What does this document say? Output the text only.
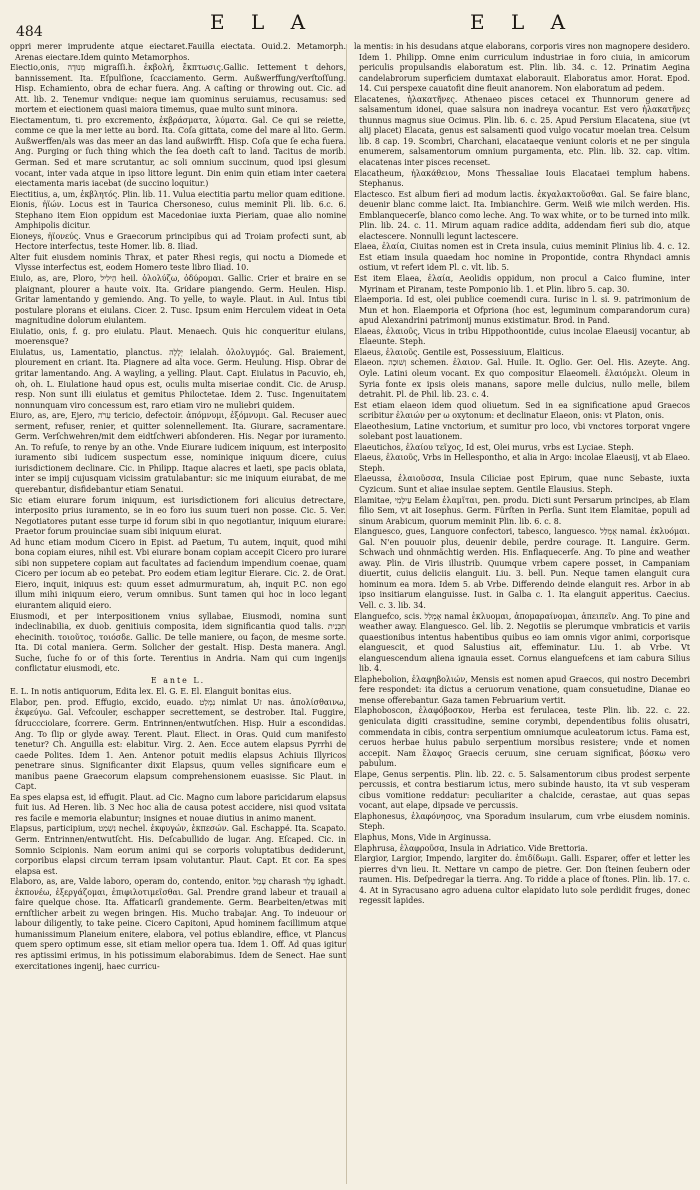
484	E L A	E L A

oppri merer imprudente atque eiectaret.Fauilla eiectata. Ouid.2. Metamorph. Arenas eiectare.Idem quinto Metamorphos.

Eiectio,onis, מְנוּדָה migraſſi.h. ἐκβολή, ἔκπτωσις.Gallic. Iettement t dehors, bannissement. Ita. Eſpulſione, ſcacciamento. Germ. Außwerffung/verſtoſſung. Hisp. Echamiento, obra de echar fuera. Ang. A caſting or throwing out. Cic. ad Att. lib. 2. Tenemur vndique: neque iam quominus seruiamus, recusamus: sed mortem et eiectionem quasi maiora timemus, quae multo sunt minora.

Eiectamentum, ti. pro excremento, ἐκβράσματα, λύματα. Gal. Ce qui se reiette, comme ce que la mer iette au bord. Ita. Coſa gittata, come del mare al lito. Germ. Außwerffen/als was das meer an das land außwirfft. Hisp. Coſa que ſe echa fuera. Ang. Purging or ſuch thing which the ſea doeth caſt to land. Tacitus de morib. German. Sed et mare scrutantur, ac soli omnium succinum, quod ipsi glesum vocant, inter vada atque in ipso littore legunt. Din enim quin etiam inter caetera eiectamenta maris iacebat (de succino loquitur.)

Eiectitius, a, um, ἐκβλητός. Plin. lib. 11. Vulua eiectitia partu melior quam editione.

Eionis, ἠϊών. Locus est in Taurica Chersoneso, cuius meminit Pli. lib. 6.c. 6. Stephano item Eion oppidum est Macedoniae iuxta Pieriam, quae alio nomine Amphipolis dicitur.

Eioneys, ἠϊονεύς. Vnus e Graecorum principibus qui ad Troiam profecti sunt, ab Hectore interfectus, teste Homer. lib. 8. Iliad.

Alter fuit eiusdem nominis Thrax, et pater Rhesi regis, qui noctu a Diomede et Vlysse interfectus est, eodem Homero teste libro Iliad. 10.

Eiulo, as, are, Ploro, הֵילִיל heil. ὀλολύζω, ὀδύρομαι. Gallic. Crier et braire en se plaignant, plourer a haute voix. Ita. Gridare piangendo. Germ. Heulen. Hisp. Gritar lamentando y gemiendo. Ang. To yelle, to wayle. Plaut. in Aul. Intus tibi postulare plorans et eiulans. Cicer. 2. Tusc. Ipsum enim Herculem videat in Oeta magnitudine dolorum eiulantem.

Eiulatio, onis, f. g. pro eiulatu. Plaut. Menaech. Quis hic conqueritur eiulans, moerensque?

Eiulatus, us, Lamentatio, planctus. יְלָלָה ielalah. ὀλολυγμός. Gal. Braiement, plourement en criant. Ita. Piagnere ad alta voce. Germ. Heulung. Hisp. Obrar de gritar lamentando. Ang. A wayling, a yelling. Plaut. Capt. Eiulatus in Pacuvio, eh, oh, oh. L. Eiulatione haud opus est, oculis multa miseriae condit. Cic. de Arusp. resp. Non sunt illi eiulatus et gemitus Philoctetae. Idem 2. Tusc. Ingenuitatem nonnunquam viro concessum est, raro etiam viro ne muliebri quidem.

Eiuro, as, are, Ejero, עֵרֹה tericio, defectoir. ἀπόμνυμι, ἐξόμνυμι. Gal. Recuser auec serment, refuser, renier, et quitter solennellement. Ita. Giurare, sacramentare. Germ. Verſchwehren/mit dem eidtſchweri abſonderen. His. Negar por iuramento. An. To refuſe, to renye by an othe. Vnde Eiurare iudicem iniquum, est interposito iuramento sibi iudicem suspectum esse, nominique iniquum dicere, cuius iurisdictionem declinare. Cic. in Philipp. Itaque alacres et laeti, spe pacis oblata, inter se impij cujusquam vicissim gratulabantur: sic me iniquum eiurabat, de me querebantur, disfidebantur etiam Senatui.

Sic etiam eiurare forum iniquum, est iurisdictionem fori alicuius detrectare, interposito prius iuramento, se in eo foro ius suum tueri non posse. Cic. 5. Ver. Negotiatores putant esse turpe id forum sibi in quo negotiantur, iniquum eiurare: Praetor forum prouinciae suam sibi iniquum eiurat.

Ad hunc etiam modum Cicero in Epist. ad Paetum, Tu autem, inquit, quod mihi bona copiam eiures, nihil est. Vbi eiurare bonam copiam accepit Cicero pro iurare sibi non suppetere copiam aut facultates ad faciendum impendium coenae, quam Cicero per iocum ab eo petebat. Pro eodem etiam legitur Eierare. Cic. 2. de Orat. Eiero, inquit, iniquus est: quum esset admurmuratum, ah, inquit P.C. non ego illum mihi iniquum eiero, verum omnibus. Sunt tamen qui hoc in loco legant eiurantem aliquid eiero.

Eiusmodi, et per interpositionem vnius syllabae, Eiusmodi, nomina sunt indeclinabilia, ex duob. genitiuis composita, idem significantia quod talis. תִכְּנִית ehecinith. τοιοῦτος, τοιόσδε. Gallic. De telle maniere, ou façon, de mesme sorte. Ita. Di cotal maniera. Germ. Solicher der gestalt. Hisp. Desta manera. Angl. Suche, ſuche fo or of this ſorte. Terentius in Andria. Nam qui cum ingenijs conflictatur eiusmodi, etc.

E ante L.

E. L. In notis antiquorum, Edita lex. El. G. E. El. Elanguit bonitas eius.

Elabor, pen. prod. Effugio, excido, euado. נִמְלַט nimlat Uז nas. ἀπολίσθαινω, ἐκφεύγω. Gal. Vefcouler, eschapper secrettement, se destrober. Ital. Fuggire, ſdruccciolare, ſcorrere. Germ. Entrinnen/entwutſchen. Hisp. Huir a escondidas. Ang. To ſlip or glyde away. Terent. Plaut. Eliect. in Oras. Quid cum manifesto tenetur? Ch. Anguilla est: elabitur. Virg. 2. Aen. Ecce autem elapsus Pyrrhi de caede Polites. Idem 1. Aen. Antenor potuit mediis elapsus Achiuis Illyricos penetrare sinus. Significanter dixit Elapsus, quum velles significare eum e manibus paene Graecorum elapsum comprehensionem euasisse. Sic Plaut. in Capt.

Ea spes elapsa est, id effugit. Plaut. ad Cic. Magno cum labore paricidarum elapsus fuit ius. Ad Heren. lib. 3 Nec hoc alia de causa potest accidere, nisi quod vsitata res facile e memoria elabuntur; insignes et nouae diutius in animo manent.

Elapsus, participium, נִשְׁמַט nechel. ἐκφυγών, ἐκπεσών. Gal. Eschappé. Ita. Scapato. Germ. Entrinnen/entwutſcht. His. Deſcabullido de lugar. Ang. Eſcaped. Cic. in Somnio Scipionis. Nam eorum animi qui se corporis voluptatibus dediderunt, corporibus elapsi circum terram ipsam volutantur. Plaut. Capt. Et cor. Ea spes elapsa est.

Elaboro, as, are, Valde laboro, operam do, contendo, enitor. עָמַל charash עָלֵד ighadt. ἐκπονέω, ἐξεργάζομαι, ἐπιφιλοτιμεῖσθαι. Gal. Prendre grand labeur et trauail a faire quelque chose. Ita. Affaticarſi grandemente. Germ. Bearbeiten/etwas mit ernſtlicher arbeit zu wegen bringen. His. Mucho trabajar. Ang. To indeuour or labour diligently, to take peine. Cicero Capitoni, Apud hominem facillimum atque humanissimum Planeium enitere, elabora, vel potius eblandire, effice, vt Plancus quem spero optimum esse, sit etiam melior opera tua. Idem 1. Off. Ad quas igitur res aptissimi erimus, in his potissimum elaborabimus. Idem de Senect. Hae sunt exercitationes ingenij, haec curricu-

la mentis: in his desudans atque elaborans, corporis vires non magnopere desidero. Idem 1. Philipp. Omne enim curriculum industriae in foro ciuia, in amicorum periculis propulsandis elaboratum est. Plin. lib. 34. c. 12. Prinatim Aegina candelabrorum superficiem dumtaxat elaborauit. Elaboratus amor. Horat. Epod. 14. Cui perspexe cauatofit dine fleuit ananorem. Non elaboratum ad pedem.

Elacatenes, ἠλακατῆνες. Athenaeo pisces cetacei ex Thunnorum genere ad salsamentum idonei, quae salsura non inadreya vocantur. Est vero ἠλακατῆνες thunnus magnus siue Ocimus. Plin. lib. 6. c. 25. Apud Persium Elacatena, siue (vt alij placet) Elacata, genus est salsamenti quod vulgo vocatur moelan trea. Celsum lib. 8 cap. 19. Scombri, Charchani, elacataeque veniunt coloris et ne per singula enumerem, salsamentorum omnium purgamenta, etc. Plin. lib. 32. cap. vltim. elacatenas inter pisces recenset.

Elacatheum, ἠλακάθειον, Mons Thessaliae Iouis Elacataei templum habens. Stephanus.

Elactesco. Est album fieri ad modum lactis. ἐκγαλακτοῦσθαι. Gal. Se faire blanc, deuenir blanc comme laict. Ita. Imbianchire. Germ. Weiß wie milch werden. His. Emblanquecerſe, blanco como leche. Ang. To wax white, or to be turned into milk. Plin. lib. 24. c. 11. Mirum aquam radice addita, addendam fieri sub dio, atque elactescere. Nonnulli legunt lactescere.

Elaea, ἐλαία, Ciuitas nomen est in Creta insula, cuius meminit Plinius lib. 4. c. 12. Est etiam insula quaedam hoc nomine in Propontide, contra Rhyndaci amnis ostium, vt refert idem Pl. c. vlt. lib. 5.

Est item Elaea, ἐλαία, Aeolidis oppidum, non procul a Caico flumine, inter Myrinam et Piranam, teste Pomponio lib. 1. et Plin. libro 5. cap. 30.

Elaemporia. Id est, olei publice coemendi cura. Iurisc in l. si. 9. patrimonium de Mun et hon. Elaemporia et Ofpriona (hoc est, leguminum comparandorum cura) apud Alexandrini patrimonij munus existimatur. Brod. in Pand.

Elaeas, ἐλαιοῦς, Vicus in tribu Hippothoontide, cuius incolae Elaeusij vocantur, ab Elaeunte. Steph.

Elaeus, ἐλαιοῦς. Gentile est, Possessiuum, Elaiticus.

Elaeon. ןשׁוּכָה schemen. ἐλαιον. Gal. Huile. It. Oglio. Ger. Oel. His. Azeyte. Ang. Oyle. Latini oleum vocant. Ex quo compositur Elaeomeli. ἐλαιόμελι. Oleum in Syria fonte ex ipsis oleis manans, sapore melle dulcius, nullo melle, bilem detrahit. Pl. de Phil. lib. 23. c. 4.

Est etiam elaeon idem quod oliuetum. Sed in ea significatione apud Graecos scribitur ἐλαιών per ω oxytonum: et declinatur Elaeon, onis: vt Platon, onis.

Elaeothesium, Latine vnctorium, et sumitur pro loco, vbi vnctores torporat vngere solebant post lauationem.

Elaeutichos, ἐλαίου τεῖχος, Id est, Olei murus, vrbs est Lyciae. Steph.

Elaeus, ἐλαιοῦς, Vrbs in Hellespontho, et alia in Argo: incolae Elaeusij, vt ab Elaeo. Steph.

Elaeussa, ἐλαιοῦσσα, Insula Ciliciae post Epirum, quae nunc Sebaste, iuxta Cyzicum. Sunt et aliae insulae septem. Gentile Elausius. Steph.

Elamitae, עֵילָמִי Eelam ἐλαμῖται, pen. produ. Dicti sunt Persarum principes, ab Elam filio Sem, vt ait Iosephus. Germ. Fürſten in Perſia. Sunt item Elamitae, populi ad sinum Arabicum, quorum meminit Plin. lib. 6. c. 8.

Elanguesco, gues, Languore confectori, tabesco, languesco. אֻמְלַל namal. ἐκλυόμαι. Gal. N'en pouuoir plus, deuenir debile, perdre courage. It. Languire. Germ. Schwach und ohnmächtig werden. His. Enflaquecerſe. Ang. To pine and weather away. Plin. de Viris illustrib. Quumque vrbem capere posset, in Campaniam diuertit, cuius deliciis elanguit. Liu. 3. bell. Pun. Neque tamen elanguit cura hominum ea mora. Idem 5. ab Vrbe. Differendo deinde elanguit res. Arbor in ab ipso insitiarum elanguisse. Iust. in Galba c. 1. Ita elanguit apperitus. Caecius. Vell. c. 3. lib. 34.

Elanguefco, scis. אֻמְלַל namal ἐκλυομαι, ἀπομαραίνομαι, ἀπειπεῖν. Ang. To pine and weather away. Elanguesco. Gel. lib. 2. Negotiis se plerumque vmbraticis et variis quaestionibus intentus habentibus quibus eo iam omnis vigor animi, corporisque elanguescit, et quod Salustius ait, effeminatur. Liu. 1. ab Vrbe. Vt elanguescendum aliena ignauia esset. Cornus elanguefcens et iam cabura Silius lib. 4.

Elaphebolion, ἐλαφηβολιών, Mensis est nomen apud Graecos, qui nostro Decembri fere respondet: ita dictus a ceruorum venatione, quam consuetudine, Dianae eo mense offerebantur. Gaza tamen Februarium vertit.

Elaphoboscon, ἐλαφόβοσκον, Herba est ferulacea, teste Plin. lib. 22. c. 22. geniculata digiti crassitudine, semine corymbi, dependentibus foliis olusatri, commendata in cibis, contra serpentium omniumque aculeatorum ictus. Fama est, ceruos herbae huius pabulo serpentium morsibus resistere; vnde et nomen accepit. Nam ἔλαφος Graecis ceruum, sine ceruam significat, βόσκω vero pabulum.

Elape, Genus serpentis. Plin. lib. 22. c. 5. Salsamentorum cibus prodest serpente percussis, et contra bestiarum ictus, mero subinde hausto, ita vt sub vesperam cibus vomitione reddatur: peculiariter a chalcide, cerastae, aut quas sepas vocant, aut elape, dipsade ve percussis.

Elaphonesus, ἐλαφόνησος, vna Sporadum insularum, cum vrbe eiusdem nominis. Steph.

Elaphus, Mons, Vide in Arginussa.

Elaphrusa, ἐλαφροῦσα, Insula in Adriatico. Vide Brettoria.

Elargior, Largior, Impendo, largiter do. ἐπιδίδωμι. Galli. Esparer, offer et letter les pierres d'vn lieu. It. Nettare vn campo de pietre. Ger. Don ſteinen ſeubern oder raumen. His. Deſpedregar la tierra. Ang. To ridde a place of ſtones. Plin. lib. 17. c. 4. At in Syracusano agro aduena cultor elapidato luto sole perdidit fruges, donec regessit lapides.
